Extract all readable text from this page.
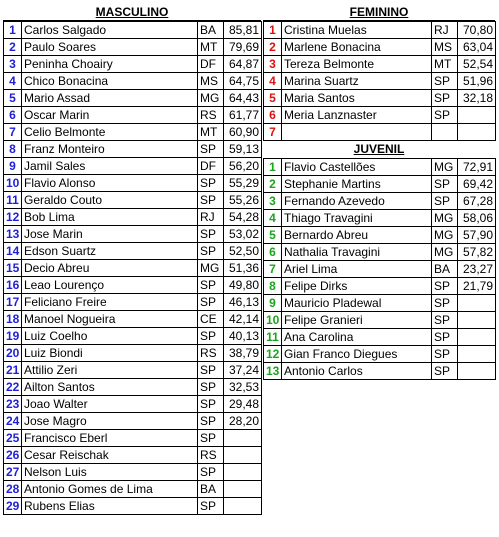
MASCULINO
1	Carlos Salgado	BA	85,81
2	Paulo Soares	MT	79,69
3	Peninha Choairy	DF	64,87
4	Chico Bonacina	MS	64,75
5	Mario Assad	MG	64,43
6	Oscar Marin	RS	61,77
7	Celio Belmonte	MT	60,90
8	Franz Monteiro	SP	59,13
9	Jamil Sales	DF	56,20
10	Flavio Alonso	SP	55,29
11	Geraldo Couto	SP	55,26
12	Bob Lima	RJ	54,28
13	Jose Marin	SP	53,02
14	Edson Suartz	SP	52,50
15	Decio Abreu	MG	51,36
16	Leao Lourenço	SP	49,80
17	Feliciano Freire	SP	46,13
18	Manoel Nogueira	CE	42,14
19	Luiz Coelho	SP	40,13
20	Luiz Biondi	RS	38,79
21	Attilio Zeri	SP	37,24
22	Ailton Santos	SP	32,53
23	Joao Walter	SP	29,48
24	Jose Magro	SP	28,20
25	Francisco Eberl	SP	
26	Cesar Reischak	RS	
27	Nelson Luis	SP	
28	Antonio Gomes de Lima	BA	
29	Rubens Elias	SP	
FEMININO
1	Cristina Muelas	RJ	70,80
2	Marlene Bonacina	MS	63,04
3	Tereza Belmonte	MT	52,54
4	Marina Suartz	SP	51,96
5	Maria Santos	SP	32,18
6	Meria Lanznaster	SP	
7			
JUVENIL
1	Flavio Castellões	MG	72,91
2	Stephanie Martins	SP	69,42
3	Fernando Azevedo	SP	67,28
4	Thiago Travagini	MG	58,06
5	Bernardo Abreu	MG	57,90
6	Nathalia Travagini	MG	57,82
7	Ariel Lima	BA	23,27
8	Felipe Dirks	SP	21,79
9	Mauricio Pladewal	SP	
10	Felipe Granieri	SP	
11	Ana Carolina	SP	
12	Gian Franco Diegues	SP	
13	Antonio Carlos	SP	
